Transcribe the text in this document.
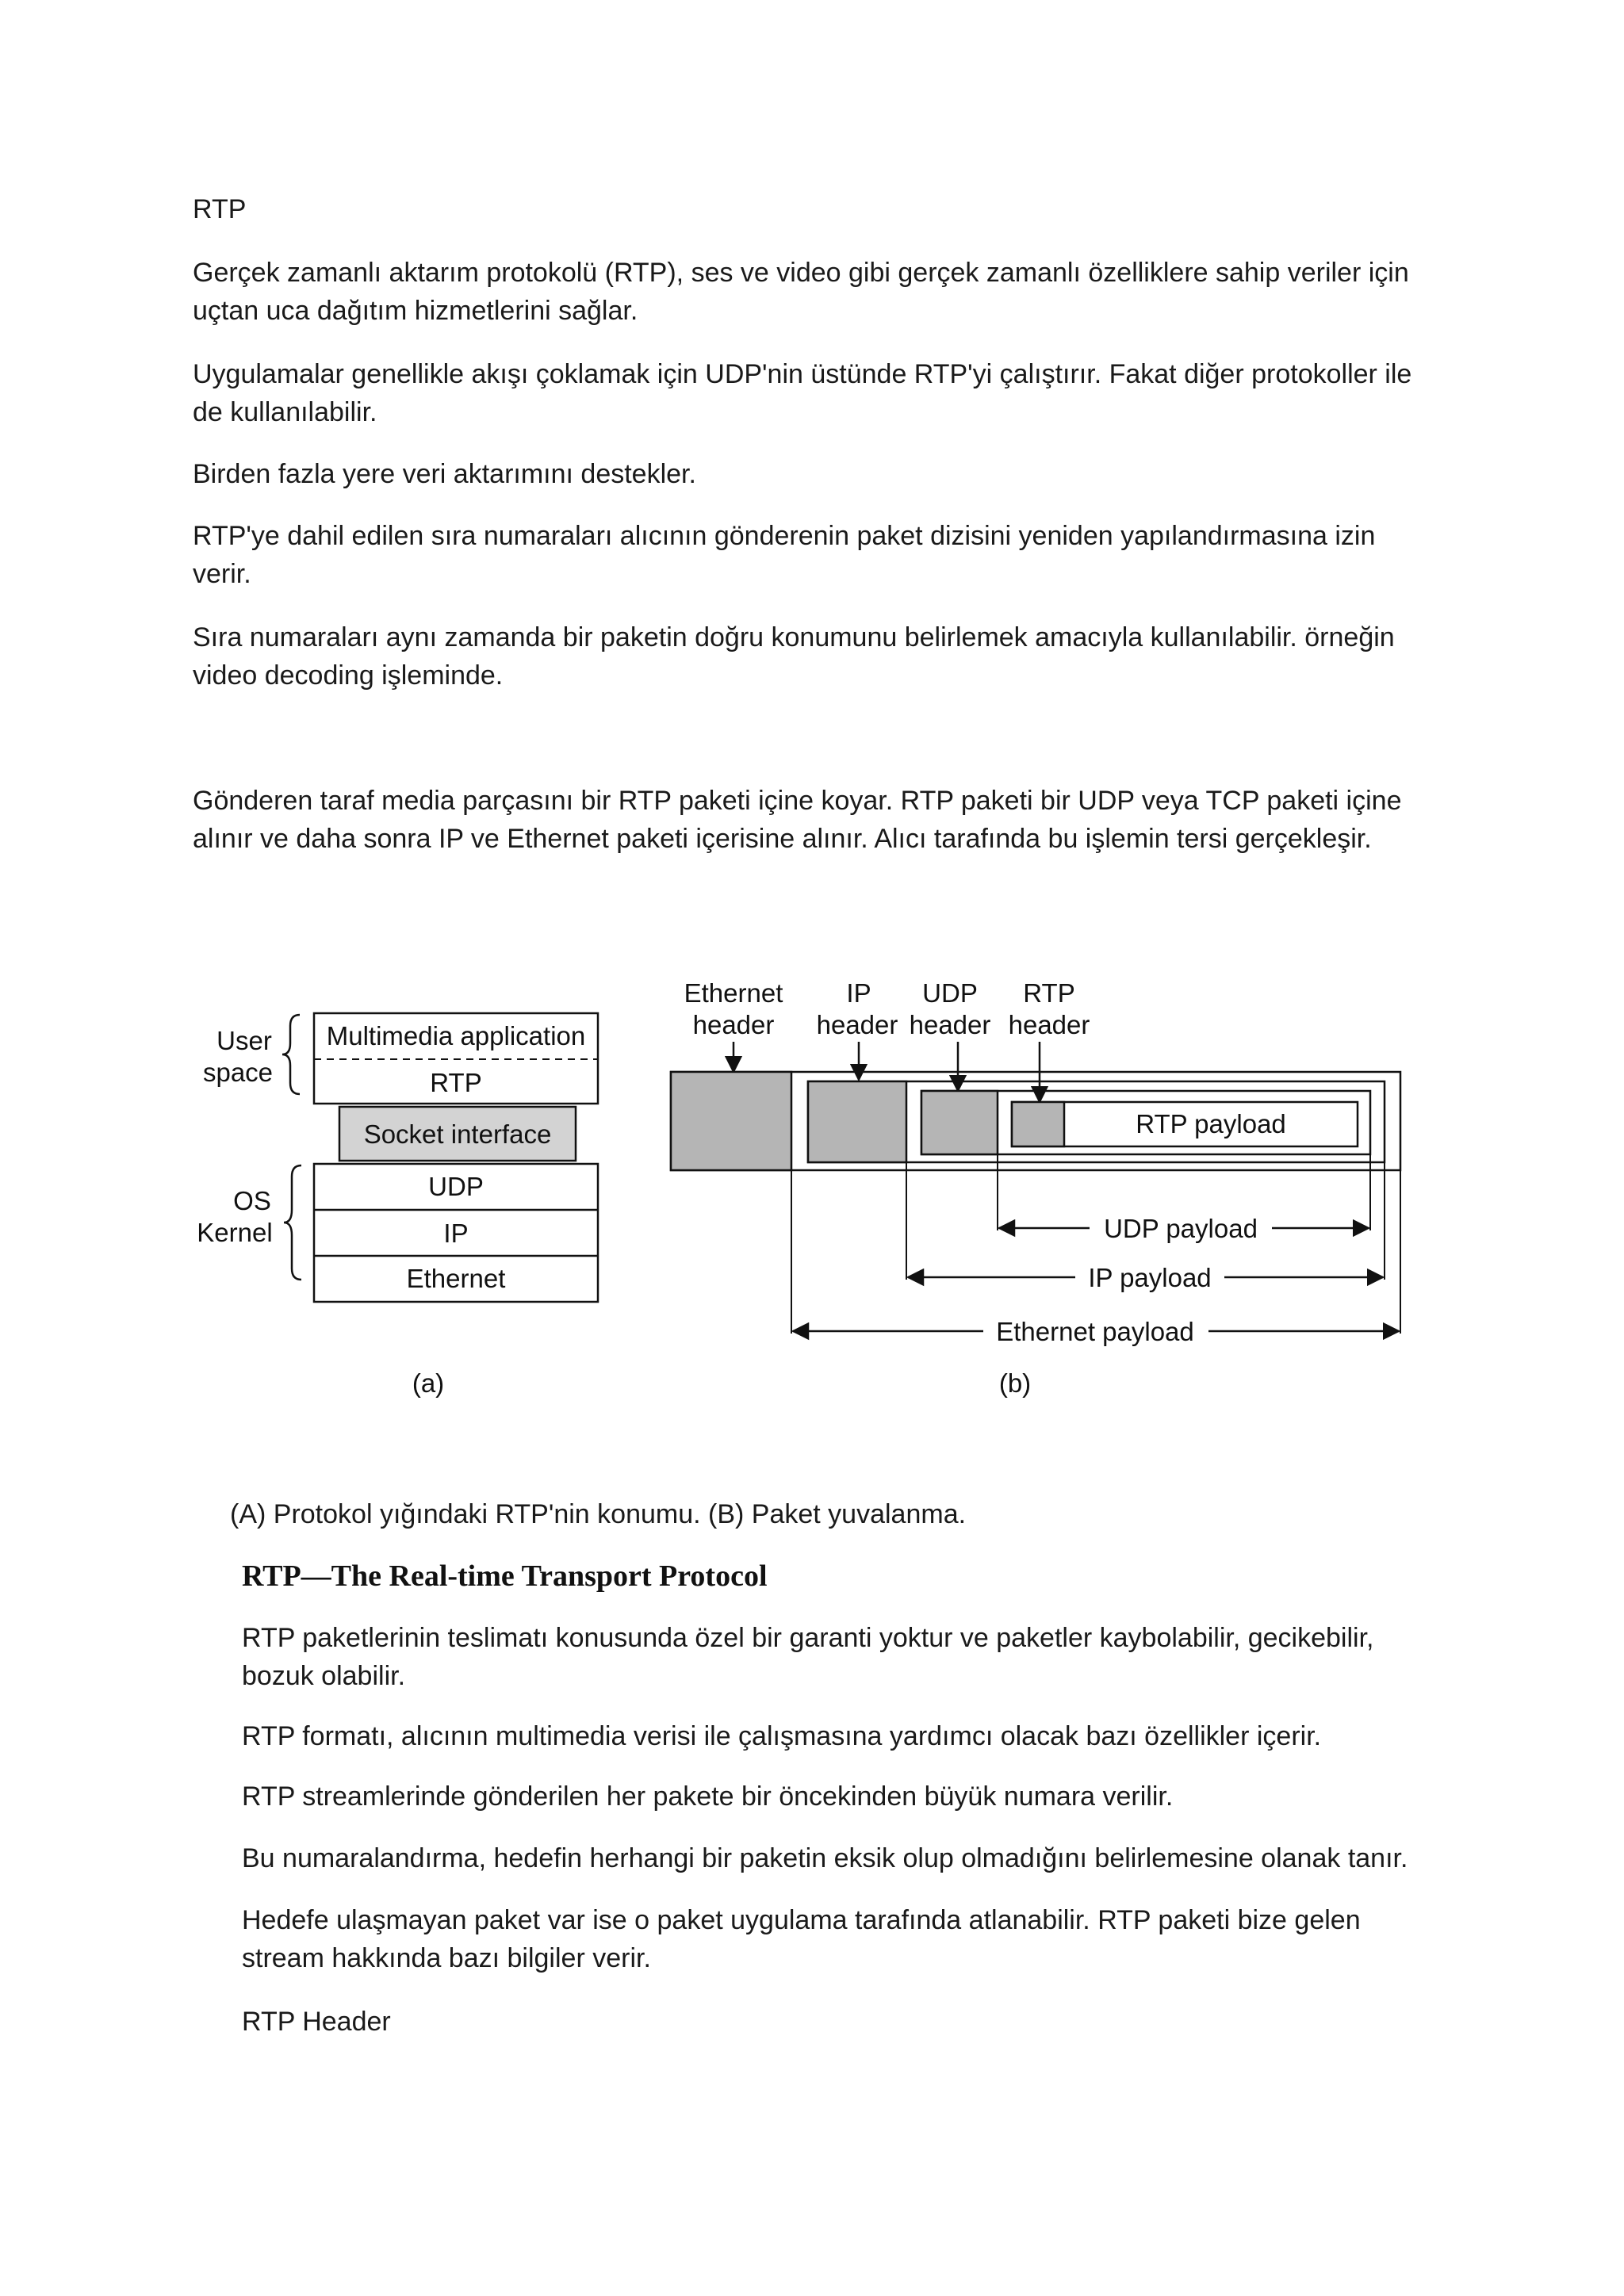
RTP

Gerçek zamanlı aktarım protokolü (RTP), ses ve video gibi gerçek zamanlı özelliklere sahip veriler için uçtan uca dağıtım hizmetlerini sağlar.

Uygulamalar genellikle akışı çoklamak için UDP'nin üstünde RTP'yi çalıştırır. Fakat diğer protokoller ile de kullanılabilir.

Birden fazla yere veri aktarımını destekler.

RTP'ye dahil edilen sıra numaraları alıcının gönderenin paket dizisini yeniden yapılandırmasına izin verir.

Sıra numaraları aynı zamanda bir paketin doğru konumunu belirlemek amacıyla kullanılabilir. örneğin video decoding işleminde.

Gönderen taraf media parçasını bir RTP paketi içine koyar. RTP paketi bir UDP veya TCP paketi içine alınır ve daha sonra IP ve Ethernet paketi içerisine alınır. Alıcı tarafında bu işlemin tersi gerçekleşir.

User
space
OS
Kernel
Multimedia application
RTP
Socket interface
UDP
IP
Ethernet
(a)
Ethernet
header
IP
header
UDP
header
RTP
header
RTP payload
UDP payload
IP payload
Ethernet payload
(b)

(A) Protokol yığındaki RTP'nin konumu. (B) Paket yuvalanma.

RTP—The Real-time Transport Protocol

RTP paketlerinin teslimatı konusunda özel bir garanti yoktur ve paketler kaybolabilir, gecikebilir, bozuk olabilir.

RTP formatı, alıcının multimedia verisi ile çalışmasına yardımcı olacak bazı özellikler içerir.

RTP streamlerinde gönderilen her pakete bir öncekinden büyük numara verilir.

Bu numaralandırma, hedefin herhangi bir paketin eksik olup olmadığını belirlemesine olanak tanır.

Hedefe ulaşmayan paket var ise o paket uygulama tarafında atlanabilir. RTP paketi bize gelen stream hakkında bazı bilgiler verir.

RTP Header
